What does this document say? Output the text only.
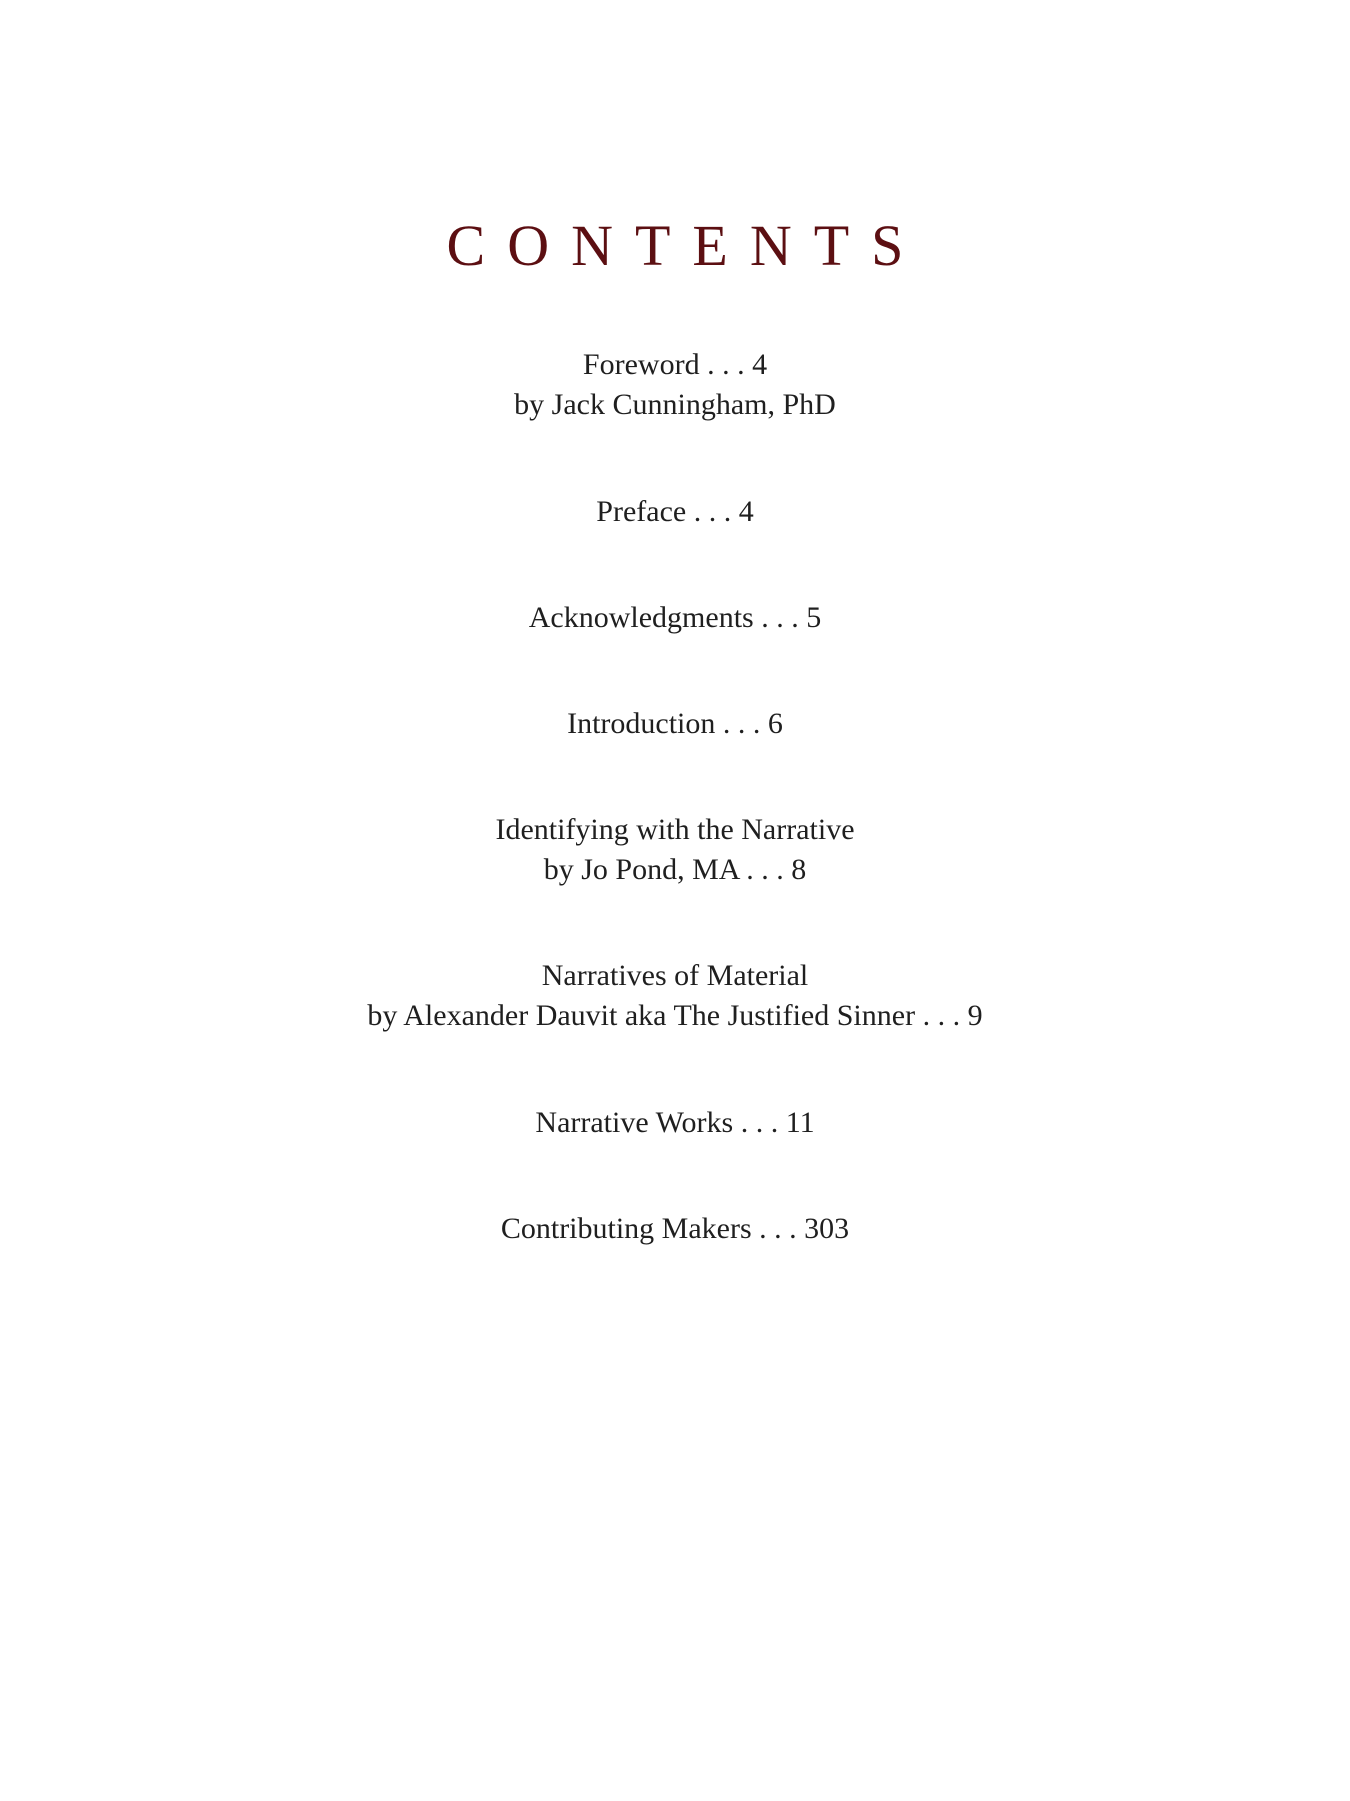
CONTENTS
Foreword . . . 4
by Jack Cunningham, PhD
Preface . . . 4
Acknowledgments . . . 5
Introduction . . . 6
Identifying with the Narrative
by Jo Pond, MA . . . 8
Narratives of Material
by Alexander Dauvit aka The Justified Sinner . . . 9
Narrative Works . . . 11
Contributing Makers . . . 303
